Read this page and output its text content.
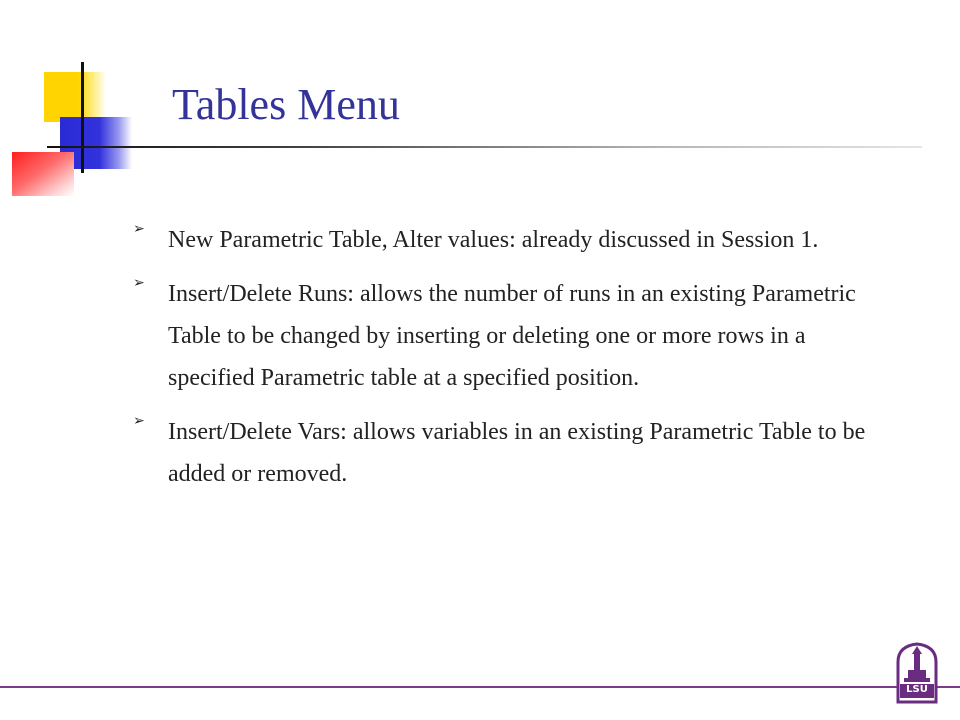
Tables Menu
➢ New Parametric Table, Alter values: already discussed in Session 1.
➢ Insert/Delete Runs: allows the number of runs in an existing Parametric Table to be changed by inserting or deleting one or more rows in a specified Parametric table at a specified position.
➢ Insert/Delete Vars: allows variables in an existing Parametric Table to be added or removed.
LSU
